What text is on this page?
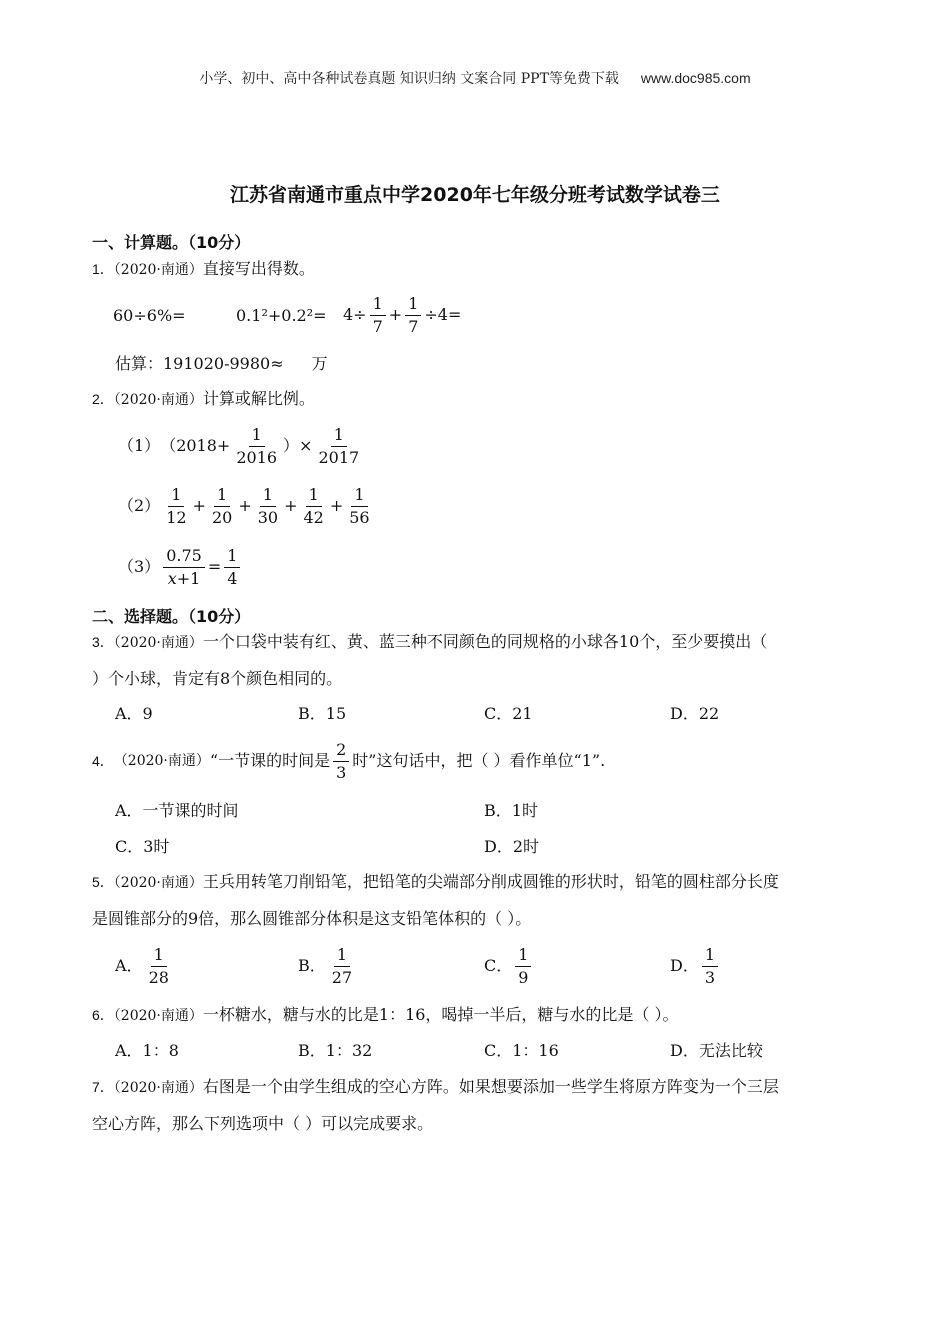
小学、初中、高中各种试卷真题 知识归纳 文案合同 PPT等免费下载 www.doc985.com
江苏省南通市重点中学2020年七年级分班考试数学试卷三
一、计算题。（10分）
1．（2020·南通）直接写出得数。
60÷6%=	$0.1^2+0.2^2= 4\div \frac{1}{7} + \frac{1}{7} \div 4=$
估算：191020-9980≈ 万
2．（2020·南通）计算或解比例。
（1） （$2018+ \frac{1}{2016}$ ）× $\frac{1}{2017}$
$(2) \frac{1}{12} + \frac{1}{20} + \frac{1}{30} + \frac{1}{42} + \frac{1}{56}$
$(3) \frac{0.75}{x+1} = \frac{1}{4}$
二、选择题。（10分）
3．（2020·南通）一个口袋中装有红、黄、蓝三种不同颜色的同规格的小球各10个，至少要摸出（
）个小球，肯定有8个颜色相同的。
A．9	B．15	C．21	D．22
4． （2020·南通） “一节课的时间是 $\frac{2}{3}$ 时”这句话中，把（ ）看作单位“1”.
A．一节课的时间	B．1时
C．3时	D．2时
5．（2020·南通）王兵用转笔刀削铅笔，把铅笔的尖端部分削成圆锥的形状时，铅笔的圆柱部分长度
是圆锥部分的9倍，那么圆锥部分体积是这支铅笔体积的（ ）。
A． $\frac{1}{28}$	B． $\frac{1}{27}$	C． $\frac{1}{9}$	D． $\frac{1}{3}$
6．（2020·南通）一杯糖水，糖与水的比是1：16，喝掉一半后，糖与水的比是（ ）。
A．1：8	B．1：32	C．1：16	D．无法比较
7．（2020·南通）右图是一个由学生组成的空心方阵。如果想要添加一些学生将原方阵变为一个三层
空心方阵，那么下列选项中（ ）可以完成要求。
